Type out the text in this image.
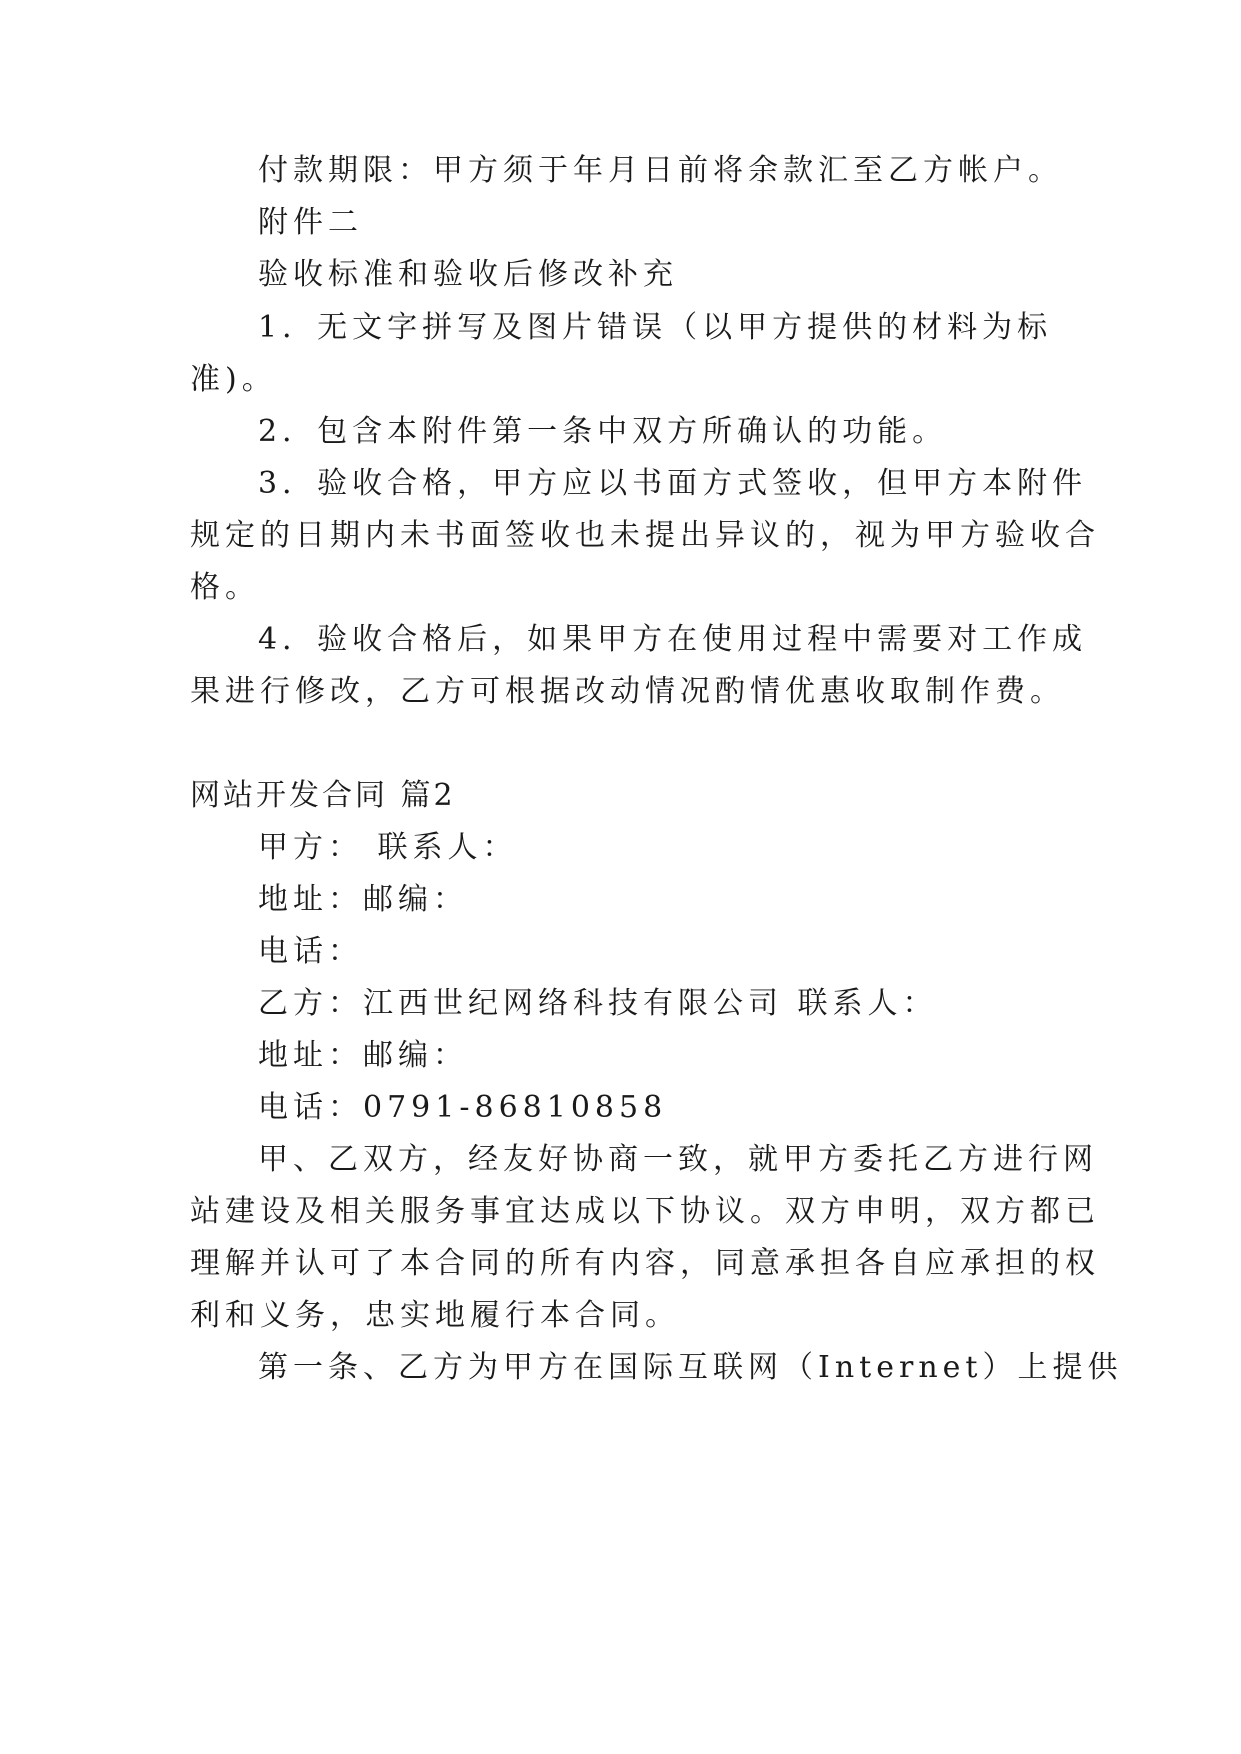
付款期限：甲方须于年月日前将余款汇至乙方帐户。
附件二
验收标准和验收后修改补充
1．无文字拼写及图片错误（以甲方提供的材料为标
准)。
2．包含本附件第一条中双方所确认的功能。
3．验收合格，甲方应以书面方式签收，但甲方本附件
规定的日期内未书面签收也未提出异议的，视为甲方验收合
格。
4．验收合格后，如果甲方在使用过程中需要对工作成
果进行修改，乙方可根据改动情况酌情优惠收取制作费。
网站开发合同 篇2
甲方： 联系人：
地址：邮编：
电话：
乙方：江西世纪网络科技有限公司 联系人：
地址：邮编：
电话：0791-86810858
甲、乙双方，经友好协商一致，就甲方委托乙方进行网
站建设及相关服务事宜达成以下协议。双方申明，双方都已
理解并认可了本合同的所有内容，同意承担各自应承担的权
利和义务，忠实地履行本合同。
第一条、乙方为甲方在国际互联网（Internet）上提供
